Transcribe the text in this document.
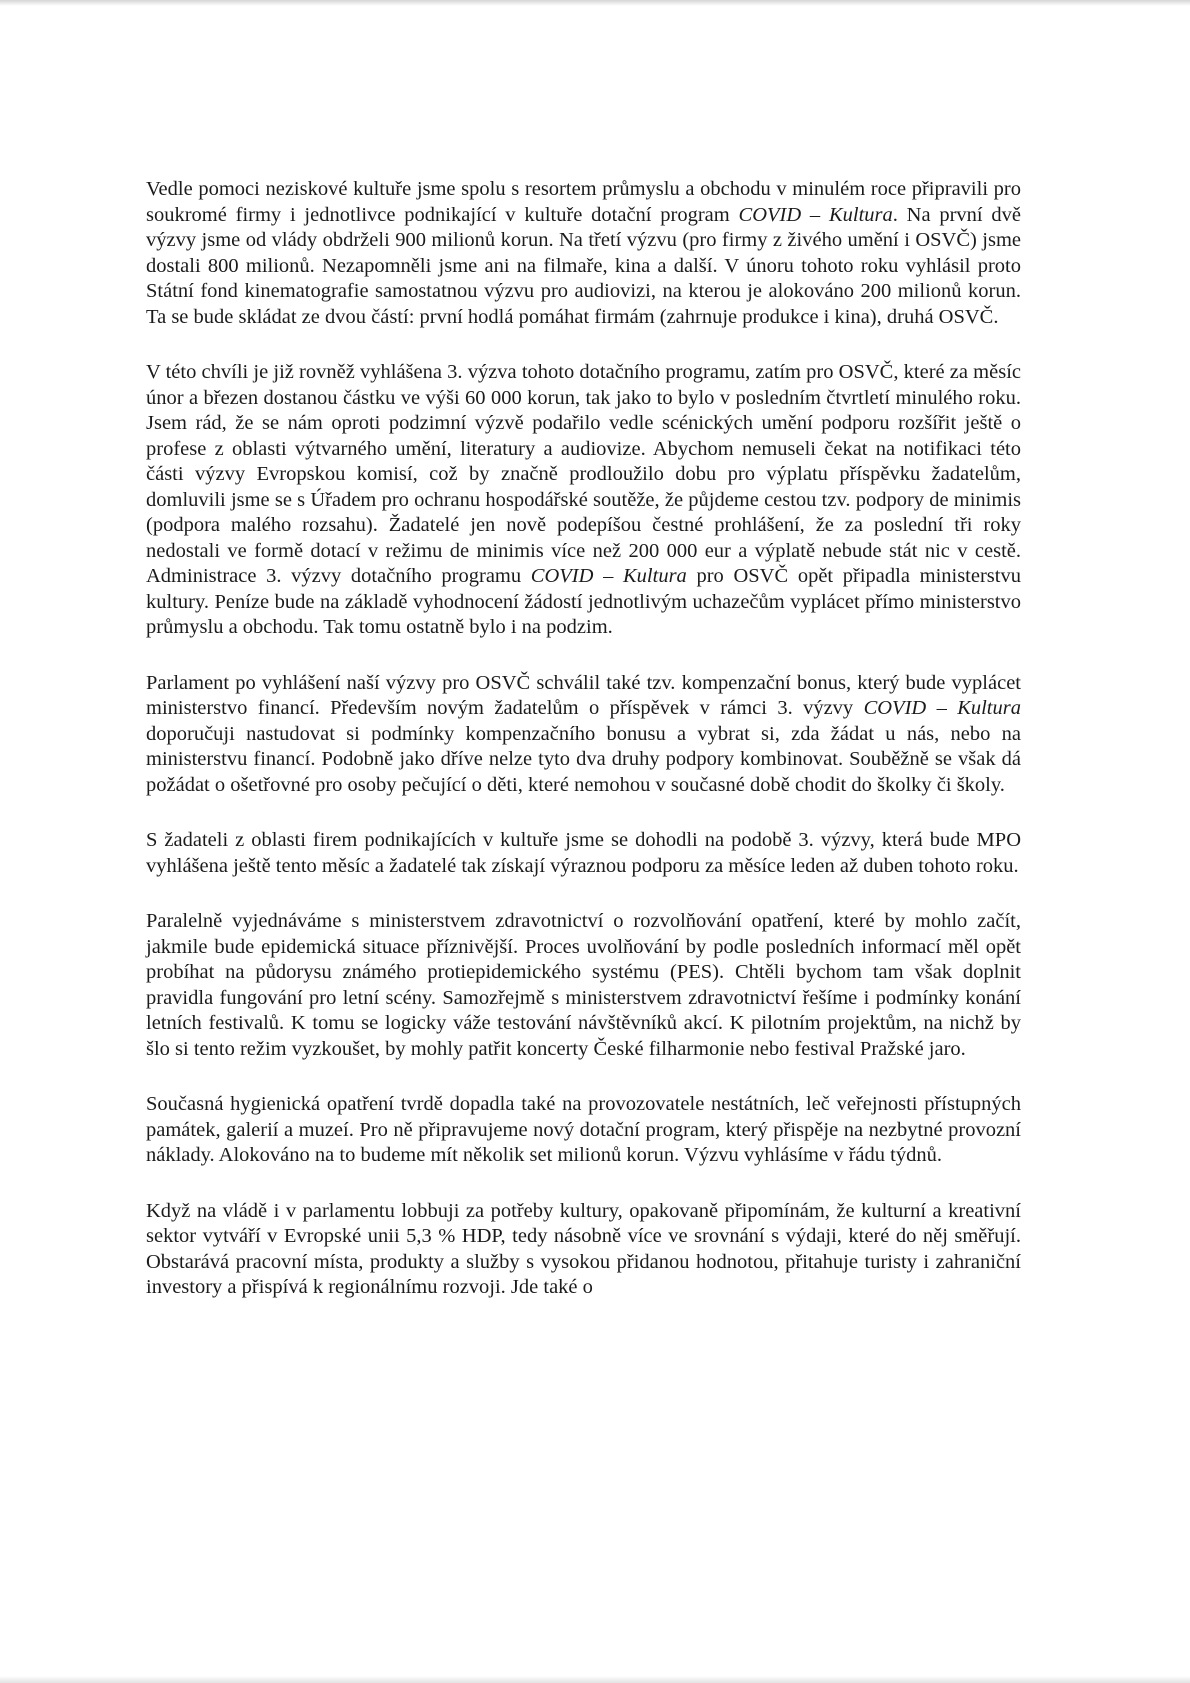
Vedle pomoci neziskové kultuře jsme spolu s resortem průmyslu a obchodu v minulém roce připravili pro soukromé firmy i jednotlivce podnikající v kultuře dotační program COVID – Kultura. Na první dvě výzvy jsme od vlády obdrželi 900 milionů korun. Na třetí výzvu (pro firmy z živého umění i OSVČ) jsme dostali 800 milionů. Nezapomněli jsme ani na filmaře, kina a další. V únoru tohoto roku vyhlásil proto Státní fond kinematografie samostatnou výzvu pro audiovizi, na kterou je alokováno 200 milionů korun. Ta se bude skládat ze dvou částí: první hodlá pomáhat firmám (zahrnuje produkce i kina), druhá OSVČ.

V této chvíli je již rovněž vyhlášena 3. výzva tohoto dotačního programu, zatím pro OSVČ, které za měsíc únor a březen dostanou částku ve výši 60 000 korun, tak jako to bylo v posledním čtvrtletí minulého roku. Jsem rád, že se nám oproti podzimní výzvě podařilo vedle scénických umění podporu rozšířit ještě o profese z oblasti výtvarného umění, literatury a audiovize. Abychom nemuseli čekat na notifikaci této části výzvy Evropskou komisí, což by značně prodloužilo dobu pro výplatu příspěvku žadatelům, domluvili jsme se s Úřadem pro ochranu hospodářské soutěže, že půjdeme cestou tzv. podpory de minimis (podpora malého rozsahu). Žadatelé jen nově podepíšou čestné prohlášení, že za poslední tři roky nedostali ve formě dotací v režimu de minimis více než 200 000 eur a výplatě nebude stát nic v cestě. Administrace 3. výzvy dotačního programu COVID – Kultura pro OSVČ opět připadla ministerstvu kultury. Peníze bude na základě vyhodnocení žádostí jednotlivým uchazečům vyplácet přímo ministerstvo průmyslu a obchodu. Tak tomu ostatně bylo i na podzim.

Parlament po vyhlášení naší výzvy pro OSVČ schválil také tzv. kompenzační bonus, který bude vyplácet ministerstvo financí. Především novým žadatelům o příspěvek v rámci 3. výzvy COVID – Kultura doporučuji nastudovat si podmínky kompenzačního bonusu a vybrat si, zda žádat u nás, nebo na ministerstvu financí. Podobně jako dříve nelze tyto dva druhy podpory kombinovat. Souběžně se však dá požádat o ošetřovné pro osoby pečující o děti, které nemohou v současné době chodit do školky či školy.

S žadateli z oblasti firem podnikajících v kultuře jsme se dohodli na podobě 3. výzvy, která bude MPO vyhlášena ještě tento měsíc a žadatelé tak získají výraznou podporu za měsíce leden až duben tohoto roku.

Paralelně vyjednáváme s ministerstvem zdravotnictví o rozvolňování opatření, které by mohlo začít, jakmile bude epidemická situace příznivější. Proces uvolňování by podle posledních informací měl opět probíhat na půdorysu známého protiepidemického systému (PES). Chtěli bychom tam však doplnit pravidla fungování pro letní scény. Samozřejmě s ministerstvem zdravotnictví řešíme i podmínky konání letních festivalů. K tomu se logicky váže testování návštěvníků akcí. K pilotním projektům, na nichž by šlo si tento režim vyzkoušet, by mohly patřit koncerty České filharmonie nebo festival Pražské jaro.

Současná hygienická opatření tvrdě dopadla také na provozovatele nestátních, leč veřejnosti přístupných památek, galerií a muzeí. Pro ně připravujeme nový dotační program, který přispěje na nezbytné provozní náklady. Alokováno na to budeme mít několik set milionů korun. Výzvu vyhlásíme v řádu týdnů.

Když na vládě i v parlamentu lobbuji za potřeby kultury, opakovaně připomínám, že kulturní a kreativní sektor vytváří v Evropské unii 5,3 % HDP, tedy násobně více ve srovnání s výdaji, které do něj směřují. Obstarává pracovní místa, produkty a služby s vysokou přidanou hodnotou, přitahuje turisty i zahraniční investory a přispívá k regionálnímu rozvoji. Jde také o
